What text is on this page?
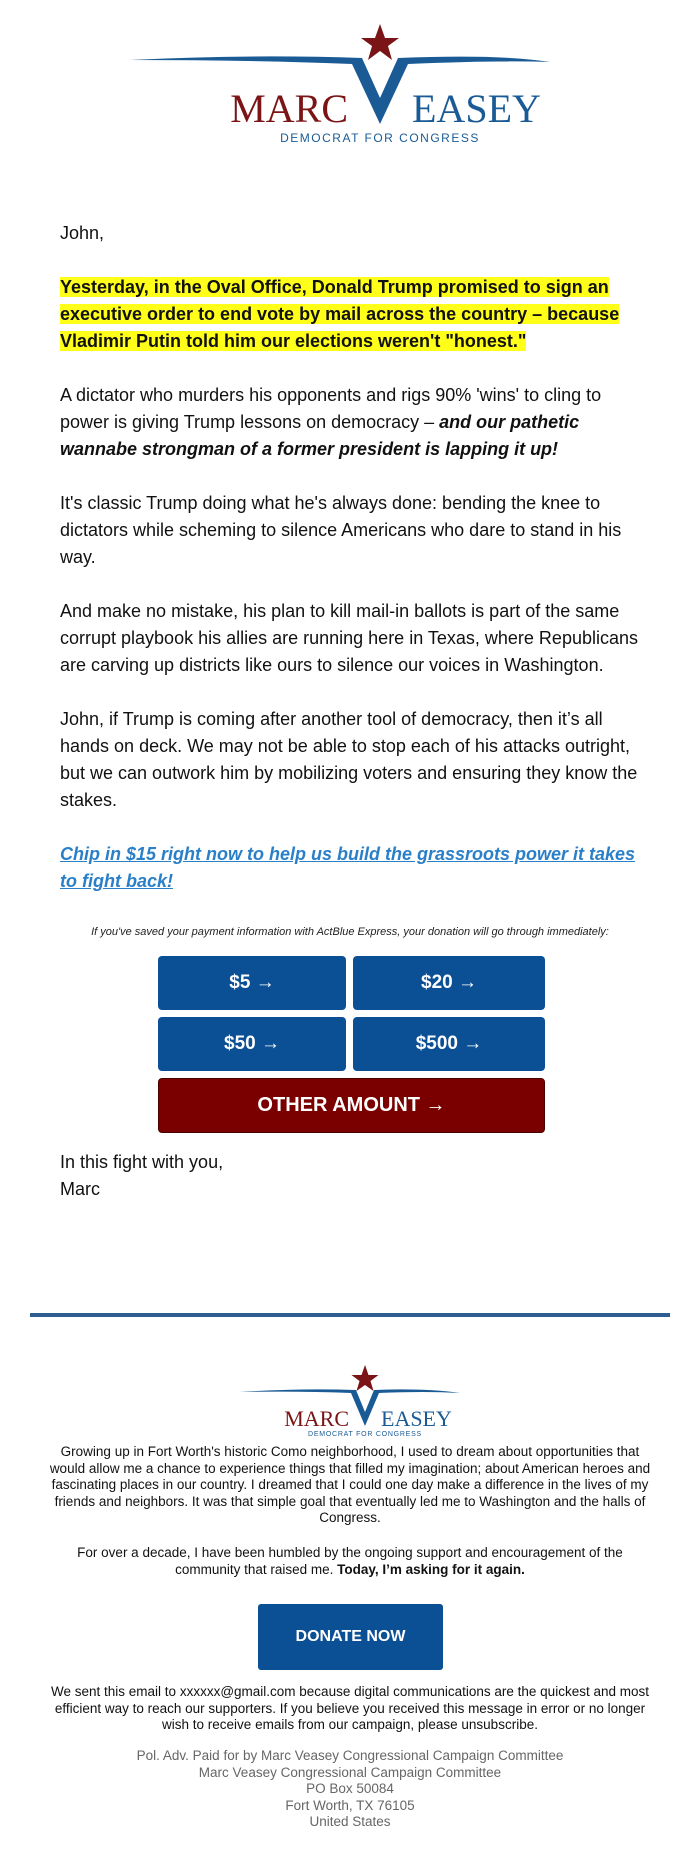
MARC EASEY
DEMOCRAT FOR CONGRESS

John,

Yesterday, in the Oval Office, Donald Trump promised to sign an executive order to end vote by mail across the country – because Vladimir Putin told him our elections weren't "honest."

A dictator who murders his opponents and rigs 90% 'wins' to cling to power is giving Trump lessons on democracy – and our pathetic wannabe strongman of a former president is lapping it up!

It's classic Trump doing what he's always done: bending the knee to dictators while scheming to silence Americans who dare to stand in his way.

And make no mistake, his plan to kill mail-in ballots is part of the same corrupt playbook his allies are running here in Texas, where Republicans are carving up districts like ours to silence our voices in Washington.

John, if Trump is coming after another tool of democracy, then it’s all hands on deck. We may not be able to stop each of his attacks outright, but we can outwork him by mobilizing voters and ensuring they know the stakes.

Chip in $15 right now to help us build the grassroots power it takes to fight back!

If you've saved your payment information with ActBlue Express, your donation will go through immediately:

$5 →	$20 →
$50 →	$500 →
OTHER AMOUNT →
In this fight with you,
Marc
MARC EASEY
DEMOCRAT FOR CONGRESS

Growing up in Fort Worth's historic Como neighborhood, I used to dream about opportunities that would allow me a chance to experience things that filled my imagination; about American heroes and fascinating places in our country. I dreamed that I could one day make a difference in the lives of my friends and neighbors. It was that simple goal that eventually led me to Washington and the halls of Congress.

For over a decade, I have been humbled by the ongoing support and encouragement of the community that raised me. Today, I’m asking for it again.

DONATE NOW

We sent this email to xxxxxx@gmail.com because digital communications are the quickest and most efficient way to reach our supporters. If you believe you received this message in error or no longer wish to receive emails from our campaign, please unsubscribe.

Pol. Adv. Paid for by Marc Veasey Congressional Campaign Committee
Marc Veasey Congressional Campaign Committee
PO Box 50084
Fort Worth, TX 76105
United States
